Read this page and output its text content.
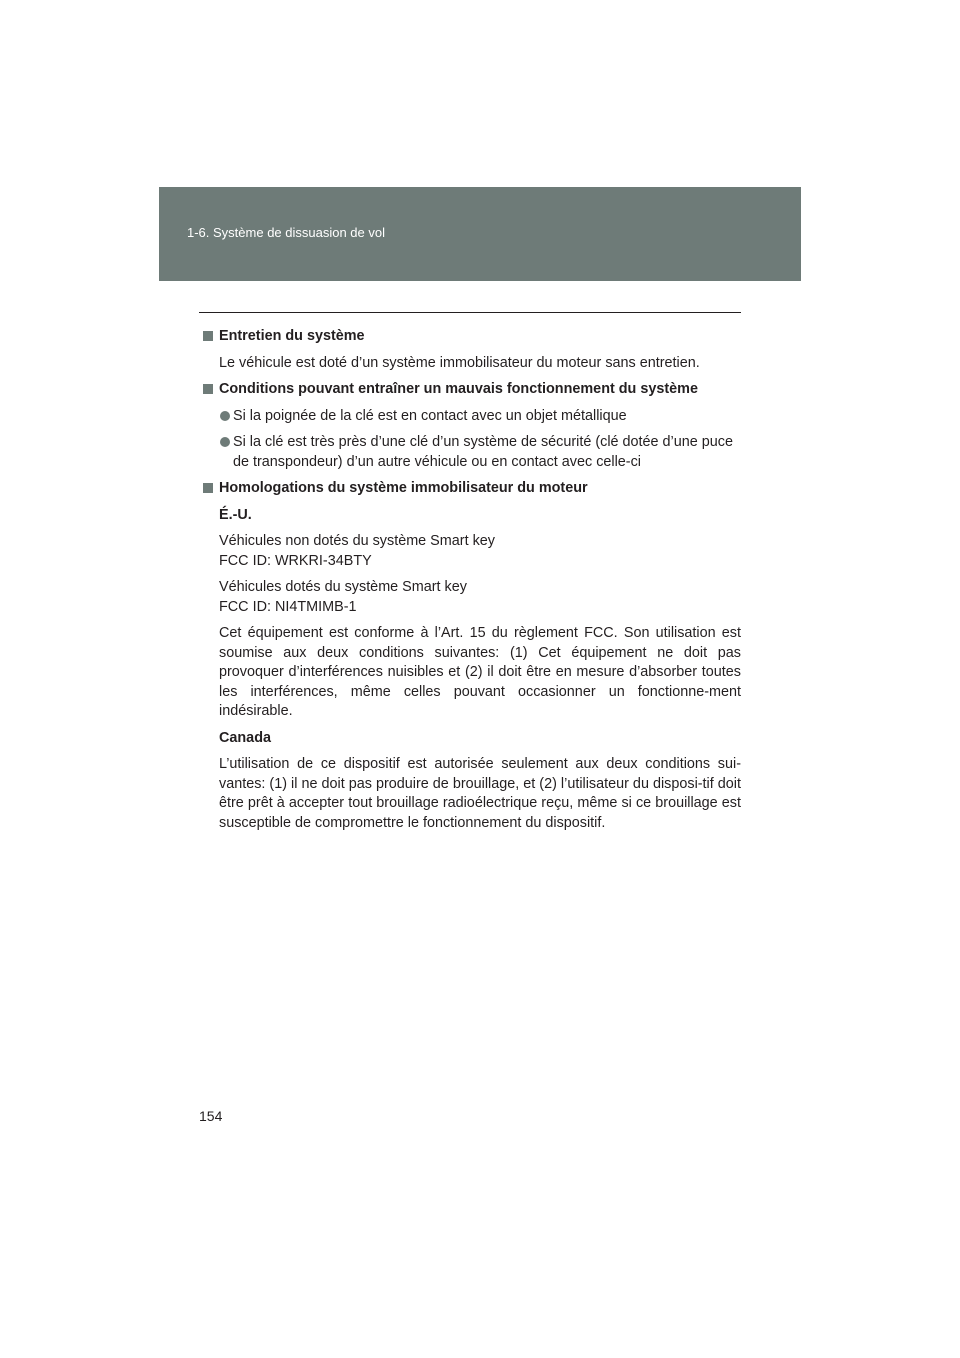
1-6. Système de dissuasion de vol
Entretien du système
Le véhicule est doté d’un système immobilisateur du moteur sans entretien.
Conditions pouvant entraîner un mauvais fonctionnement du système
Si la poignée de la clé est en contact avec un objet métallique
Si la clé est très près d’une clé d’un système de sécurité (clé dotée d’une puce de transpondeur) d’un autre véhicule ou en contact avec celle-ci
Homologations du système immobilisateur du moteur
É.-U.
Véhicules non dotés du système Smart key
FCC ID: WRKRI-34BTY
Véhicules dotés du système Smart key
FCC ID: NI4TMIMB-1
Cet équipement est conforme à l’Art. 15 du règlement FCC. Son utilisation est soumise aux deux conditions suivantes: (1) Cet équipement ne doit pas provoquer d’interférences nuisibles et (2) il doit être en mesure d’absorber toutes les interférences, même celles pouvant occasionner un fonctionne-ment indésirable.
Canada
L’utilisation de ce dispositif est autorisée seulement aux deux conditions sui-vantes: (1) il ne doit pas produire de brouillage, et (2) l’utilisateur du disposi-tif doit être prêt à accepter tout brouillage radioélectrique reçu, même si ce brouillage est susceptible de compromettre le fonctionnement du dispositif.
154
